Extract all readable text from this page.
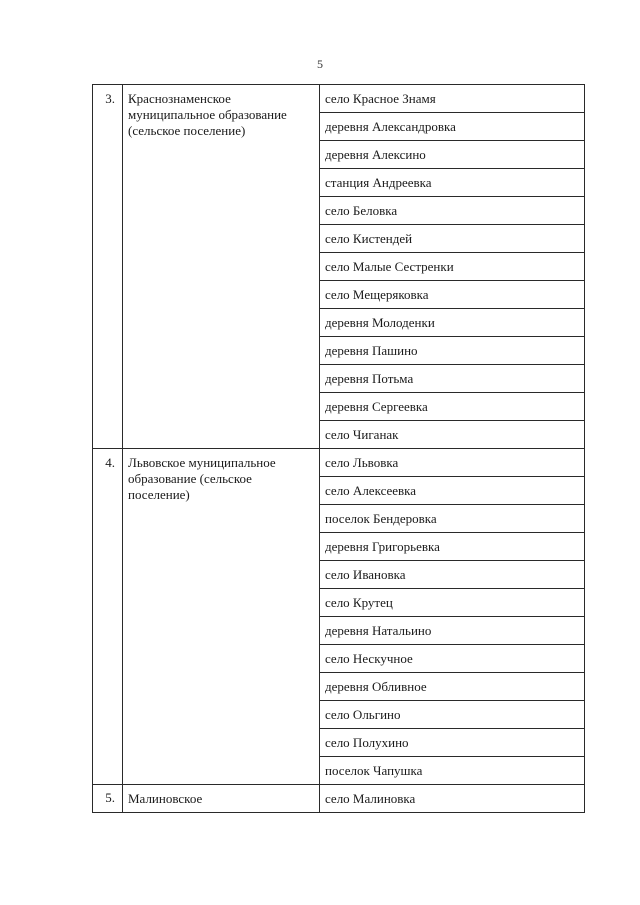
5
3.	Краснознаменское
муниципальное образование
(сельское поселение)	село Красное Знамя
		деревня Александровка
		деревня Алексино
		станция Андреевка
		село Беловка
		село Кистендей
		село Малые Сестренки
		село Мещеряковка
		деревня Молоденки
		деревня Пашино
		деревня Потьма
		деревня Сергеевка
		село Чиганак
4.	Львовское муниципальное
образование (сельское
поселение)	село Львовка
		село Алексеевка
		поселок Бендеровка
		деревня Григорьевка
		село Ивановка
		село Крутец
		деревня Натальино
		село Нескучное
		деревня Обливное
		село Ольгино
		село Полухино
		поселок Чапушка
5.	Малиновское	село Малиновка
